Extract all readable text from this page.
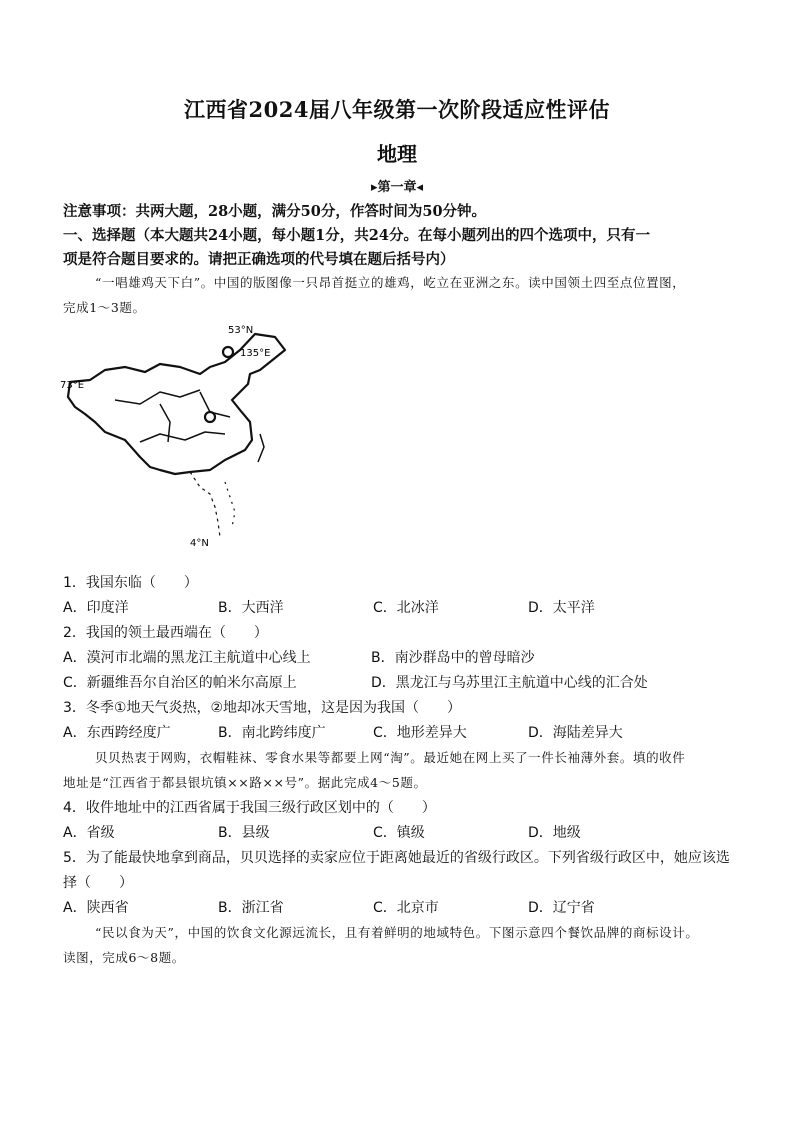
江西省2024届八年级第一次阶段适应性评估
地理
▸第一章◂
注意事项：共两大题，28小题，满分50分，作答时间为50分钟。
一、选择题（本大题共24小题，每小题1分，共24分。在每小题列出的四个选项中，只有一
项是符合题目要求的。请把正确选项的代号填在题后括号内）
“一唱雄鸡天下白”。中国的版图像一只昂首挺立的雄鸡，屹立在亚洲之东。读中国领土四至点位置图，
完成1～3题。
135°E
53°N
73°E
4°N
1．我国东临（　　）
A．印度洋	B．大西洋	C．北冰洋	D．太平洋
2．我国的领土最西端在（　　）
A．漠河市北端的黑龙江主航道中心线上	B．南沙群岛中的曾母暗沙
C．新疆维吾尔自治区的帕米尔高原上	D．黑龙江与乌苏里江主航道中心线的汇合处
3．冬季①地天气炎热，②地却冰天雪地，这是因为我国（　　）
A．东西跨经度广	B．南北跨纬度广	C．地形差异大	D．海陆差异大
贝贝热衷于网购，衣帽鞋袜、零食水果等都要上网“淘”。最近她在网上买了一件长袖薄外套。填的收件
地址是“江西省于都县银坑镇××路××号”。据此完成4～5题。
4．收件地址中的江西省属于我国三级行政区划中的（　　）
A．省级	B．县级	C．镇级	D．地级
5．为了能最快地拿到商品，贝贝选择的卖家应位于距离她最近的省级行政区。下列省级行政区中，她应该选
择（　　）
A．陕西省	B．浙江省	C．北京市	D．辽宁省
“民以食为天”，中国的饮食文化源远流长，且有着鲜明的地域特色。下图示意四个餐饮品牌的商标设计。
读图，完成6～8题。
